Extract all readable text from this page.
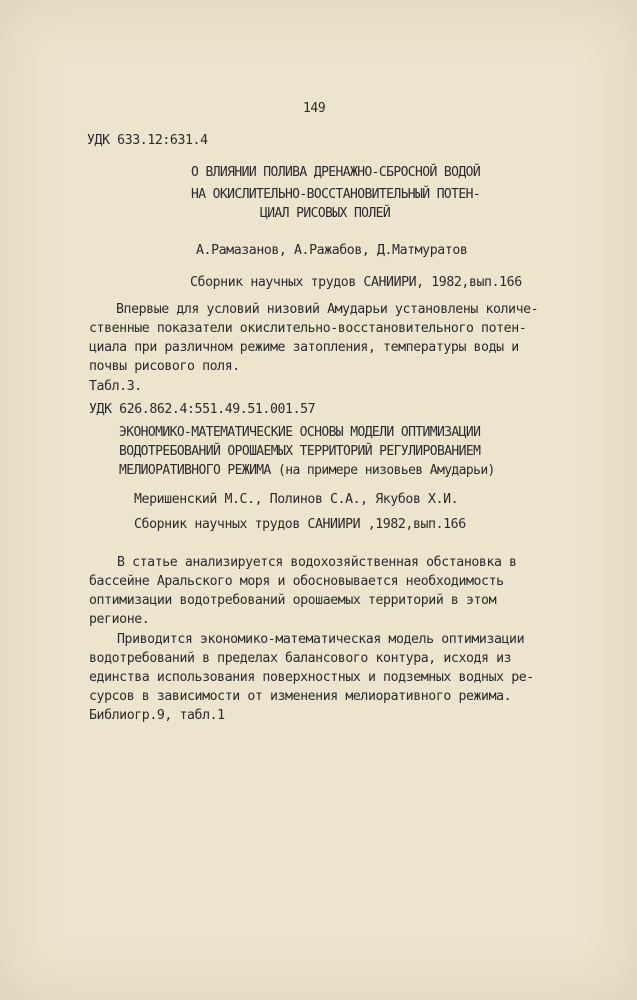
149
УДК 633.12:631.4
О ВЛИЯНИИ ПОЛИВА ДРЕНАЖНО-СБРОСНОЙ ВОДОЙ
НА ОКИСЛИТЕЛЬНО-ВОССТАНОВИТЕЛЬНЫЙ ПОТЕН-
ЦИАЛ РИСОВЫХ ПОЛЕЙ
А.Рамазанов, А.Ражабов, Д.Матмуратов
Сборник научных трудов САНИИРИ, 1982,вып.166
Впервые для условий низовий Амударьи установлены количе-
ственные показатели окислительно-восстановительного потен-
циала при различном режиме затопления, температуры воды и
почвы рисового поля.
Табл.3.
УДК 626.862.4:551.49.51.001.57
ЭКОНОМИКО-МАТЕМАТИЧЕСКИЕ ОСНОВЫ МОДЕЛИ ОПТИМИЗАЦИИ
ВОДОТРЕБОВАНИЙ ОРОШАЕМЫХ ТЕРРИТОРИЙ РЕГУЛИРОВАНИЕМ
МЕЛИОРАТИВНОГО РЕЖИМА (на примере низовьев Амударьи)
Меришенский М.С., Полинов С.А., Якубов Х.И.
Сборник научных трудов САНИИРИ ,1982,вып.166
В статье анализируется водохозяйственная обстановка в
бассейне Аральского моря и обосновывается необходимость
оптимизации водотребований орошаемых территорий в этом
регионе.
Приводится экономико-математическая модель оптимизации
водотребований в пределах балансового контура, исходя из
единства использования поверхностных и подземных водных ре-
сурсов в зависимости от изменения мелиоративного режима.
Библиогр.9, табл.1
